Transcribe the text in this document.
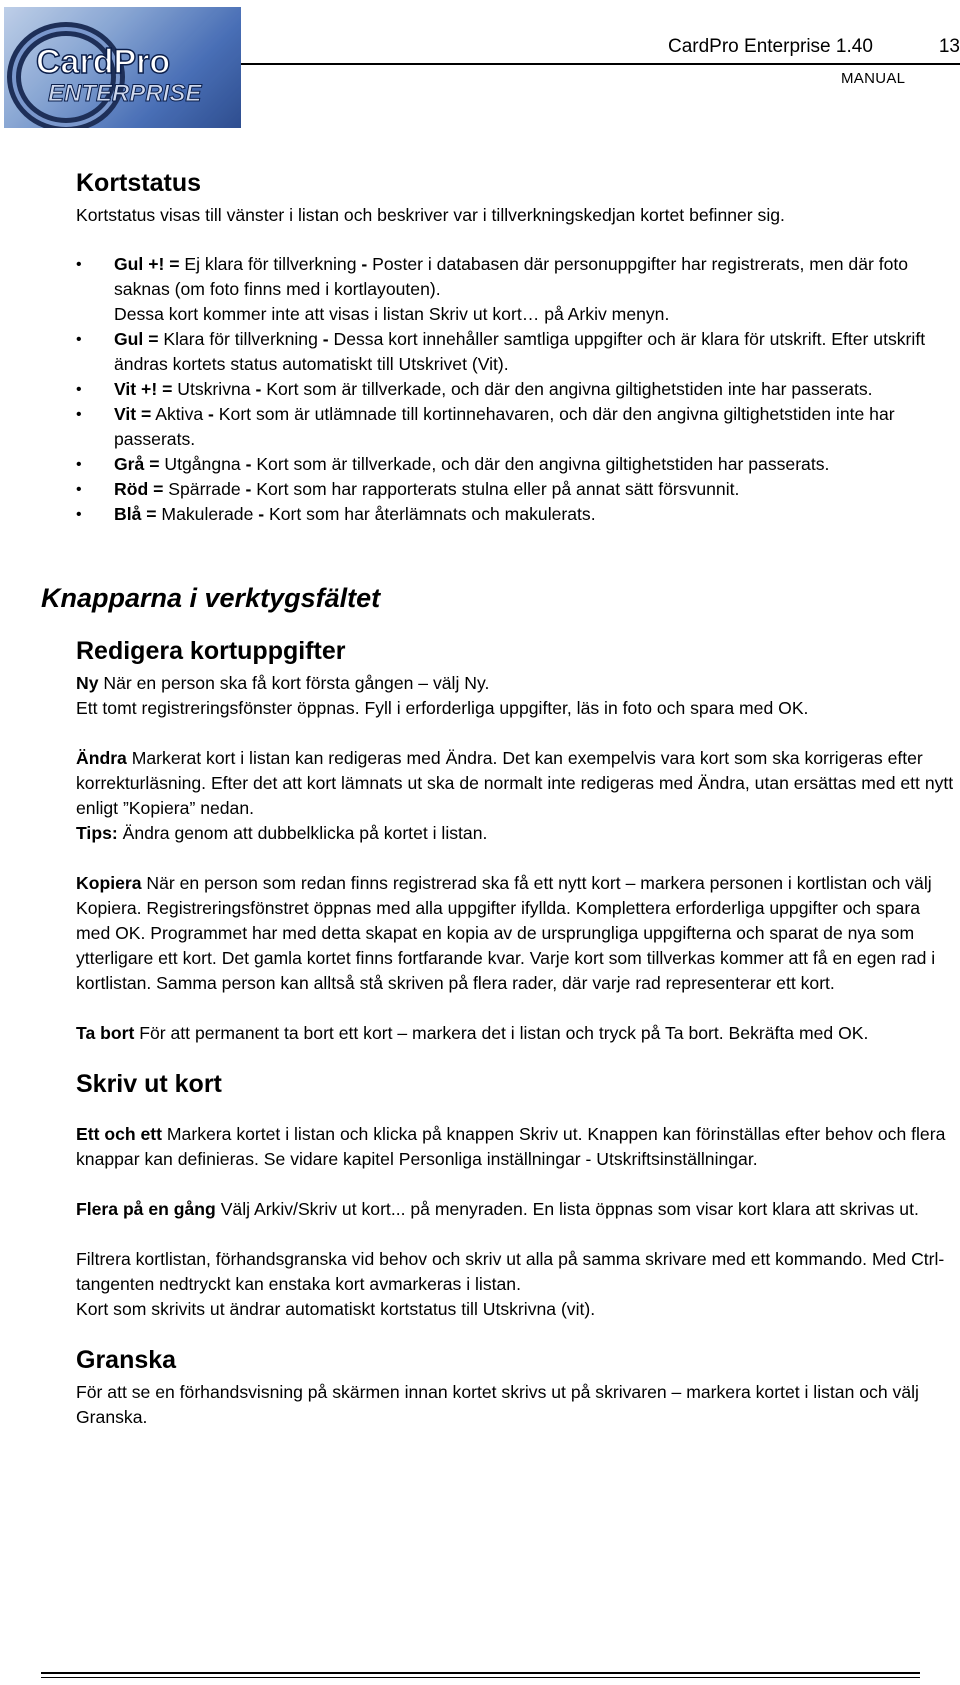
CardPro
ENTERPRISE
CardPro Enterprise 1.40	13
MANUAL
Kortstatus

Kortstatus visas till vänster i listan och beskriver var i tillverkningskedjan kortet befinner sig.

• Gul +! = Ej klara för tillverkning - Poster i databasen där personuppgifter har registrerats, men där foto saknas (om foto finns med i kortlayouten).
Dessa kort kommer inte att visas i listan Skriv ut kort… på Arkiv menyn.
• Gul = Klara för tillverkning - Dessa kort innehåller samtliga uppgifter och är klara för utskrift. Efter utskrift ändras kortets status automatiskt till Utskrivet (Vit).
• Vit +! = Utskrivna - Kort som är tillverkade, och där den angivna giltighetstiden inte har passerats.
• Vit = Aktiva - Kort som är utlämnade till kortinnehavaren, och där den angivna giltighetstiden inte har passerats.
• Grå = Utgångna - Kort som är tillverkade, och där den angivna giltighetstiden har passerats.
• Röd = Spärrade - Kort som har rapporterats stulna eller på annat sätt försvunnit.
• Blå = Makulerade - Kort som har återlämnats och makulerats.
Knapparna i verktygsfältet
Redigera kortuppgifter

Ny När en person ska få kort första gången – välj Ny.
Ett tomt registreringsfönster öppnas. Fyll i erforderliga uppgifter, läs in foto och spara med OK.

Ändra Markerat kort i listan kan redigeras med Ändra. Det kan exempelvis vara kort som ska korrigeras efter korrekturläsning. Efter det att kort lämnats ut ska de normalt inte redigeras med Ändra, utan ersättas med ett nytt enligt ”Kopiera” nedan.
Tips: Ändra genom att dubbelklicka på kortet i listan.

Kopiera När en person som redan finns registrerad ska få ett nytt kort – markera personen i kortlistan och välj Kopiera. Registreringsfönstret öppnas med alla uppgifter ifyllda. Komplettera erforderliga uppgifter och spara med OK. Programmet har med detta skapat en kopia av de ursprungliga uppgifterna och sparat de nya som ytterligare ett kort. Det gamla kortet finns fortfarande kvar. Varje kort som tillverkas kommer att få en egen rad i kortlistan. Samma person kan alltså stå skriven på flera rader, där varje rad representerar ett kort.

Ta bort För att permanent ta bort ett kort – markera det i listan och tryck på Ta bort. Bekräfta med OK.

Skriv ut kort

Ett och ett Markera kortet i listan och klicka på knappen Skriv ut. Knappen kan förinställas efter behov och flera knappar kan definieras. Se vidare kapitel Personliga inställningar - Utskriftsinställningar.

Flera på en gång Välj Arkiv/Skriv ut kort... på menyraden. En lista öppnas som visar kort klara att skrivas ut.

Filtrera kortlistan, förhandsgranska vid behov och skriv ut alla på samma skrivare med ett kommando. Med Ctrl-tangenten nedtryckt kan enstaka kort avmarkeras i listan.
Kort som skrivits ut ändrar automatiskt kortstatus till Utskrivna (vit).

Granska

För att se en förhandsvisning på skärmen innan kortet skrivs ut på skrivaren – markera kortet i listan och välj Granska.
